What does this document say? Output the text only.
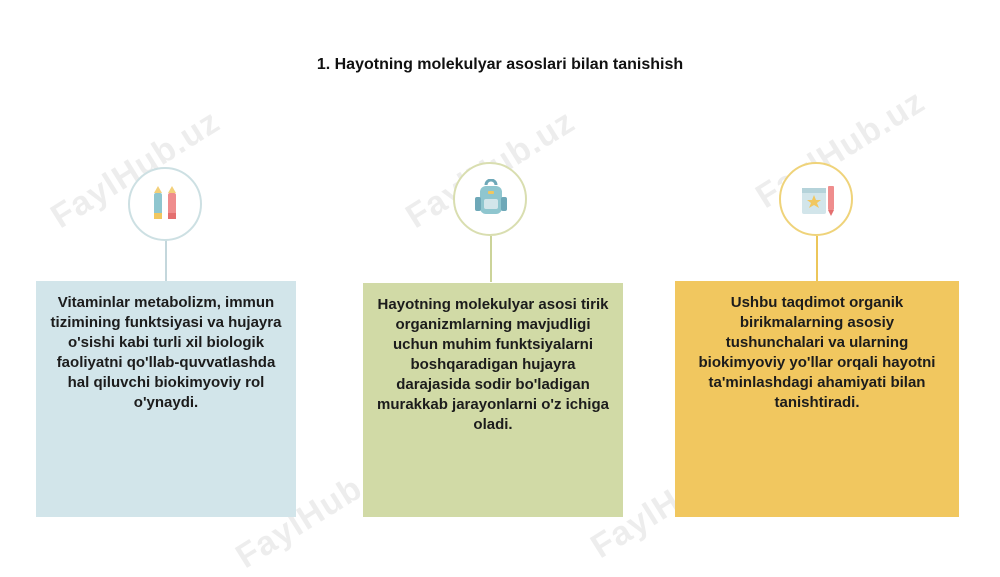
FaylHub.uz	FaylHub.uz
FaylHub.uz
1. Hayotning molekulyar asoslari bilan tanishish
Vitaminlar metabolizm, immun tizimining funktsiyasi va hujayra o'sishi kabi turli xil biologik faoliyatni qo'llab-quvvatlashda hal qiluvchi biokimyoviy rol o'ynaydi.
Hayotning molekulyar asosi tirik organizmlarning mavjudligi uchun muhim funktsiyalarni boshqaradigan hujayra darajasida sodir bo'ladigan murakkab jarayonlarni o'z ichiga oladi.
Ushbu taqdimot organik birikmalarning asosiy tushunchalari va ularning biokimyoviy yo'llar orqali hayotni ta'minlashdagi ahamiyati bilan tanishtiradi.
